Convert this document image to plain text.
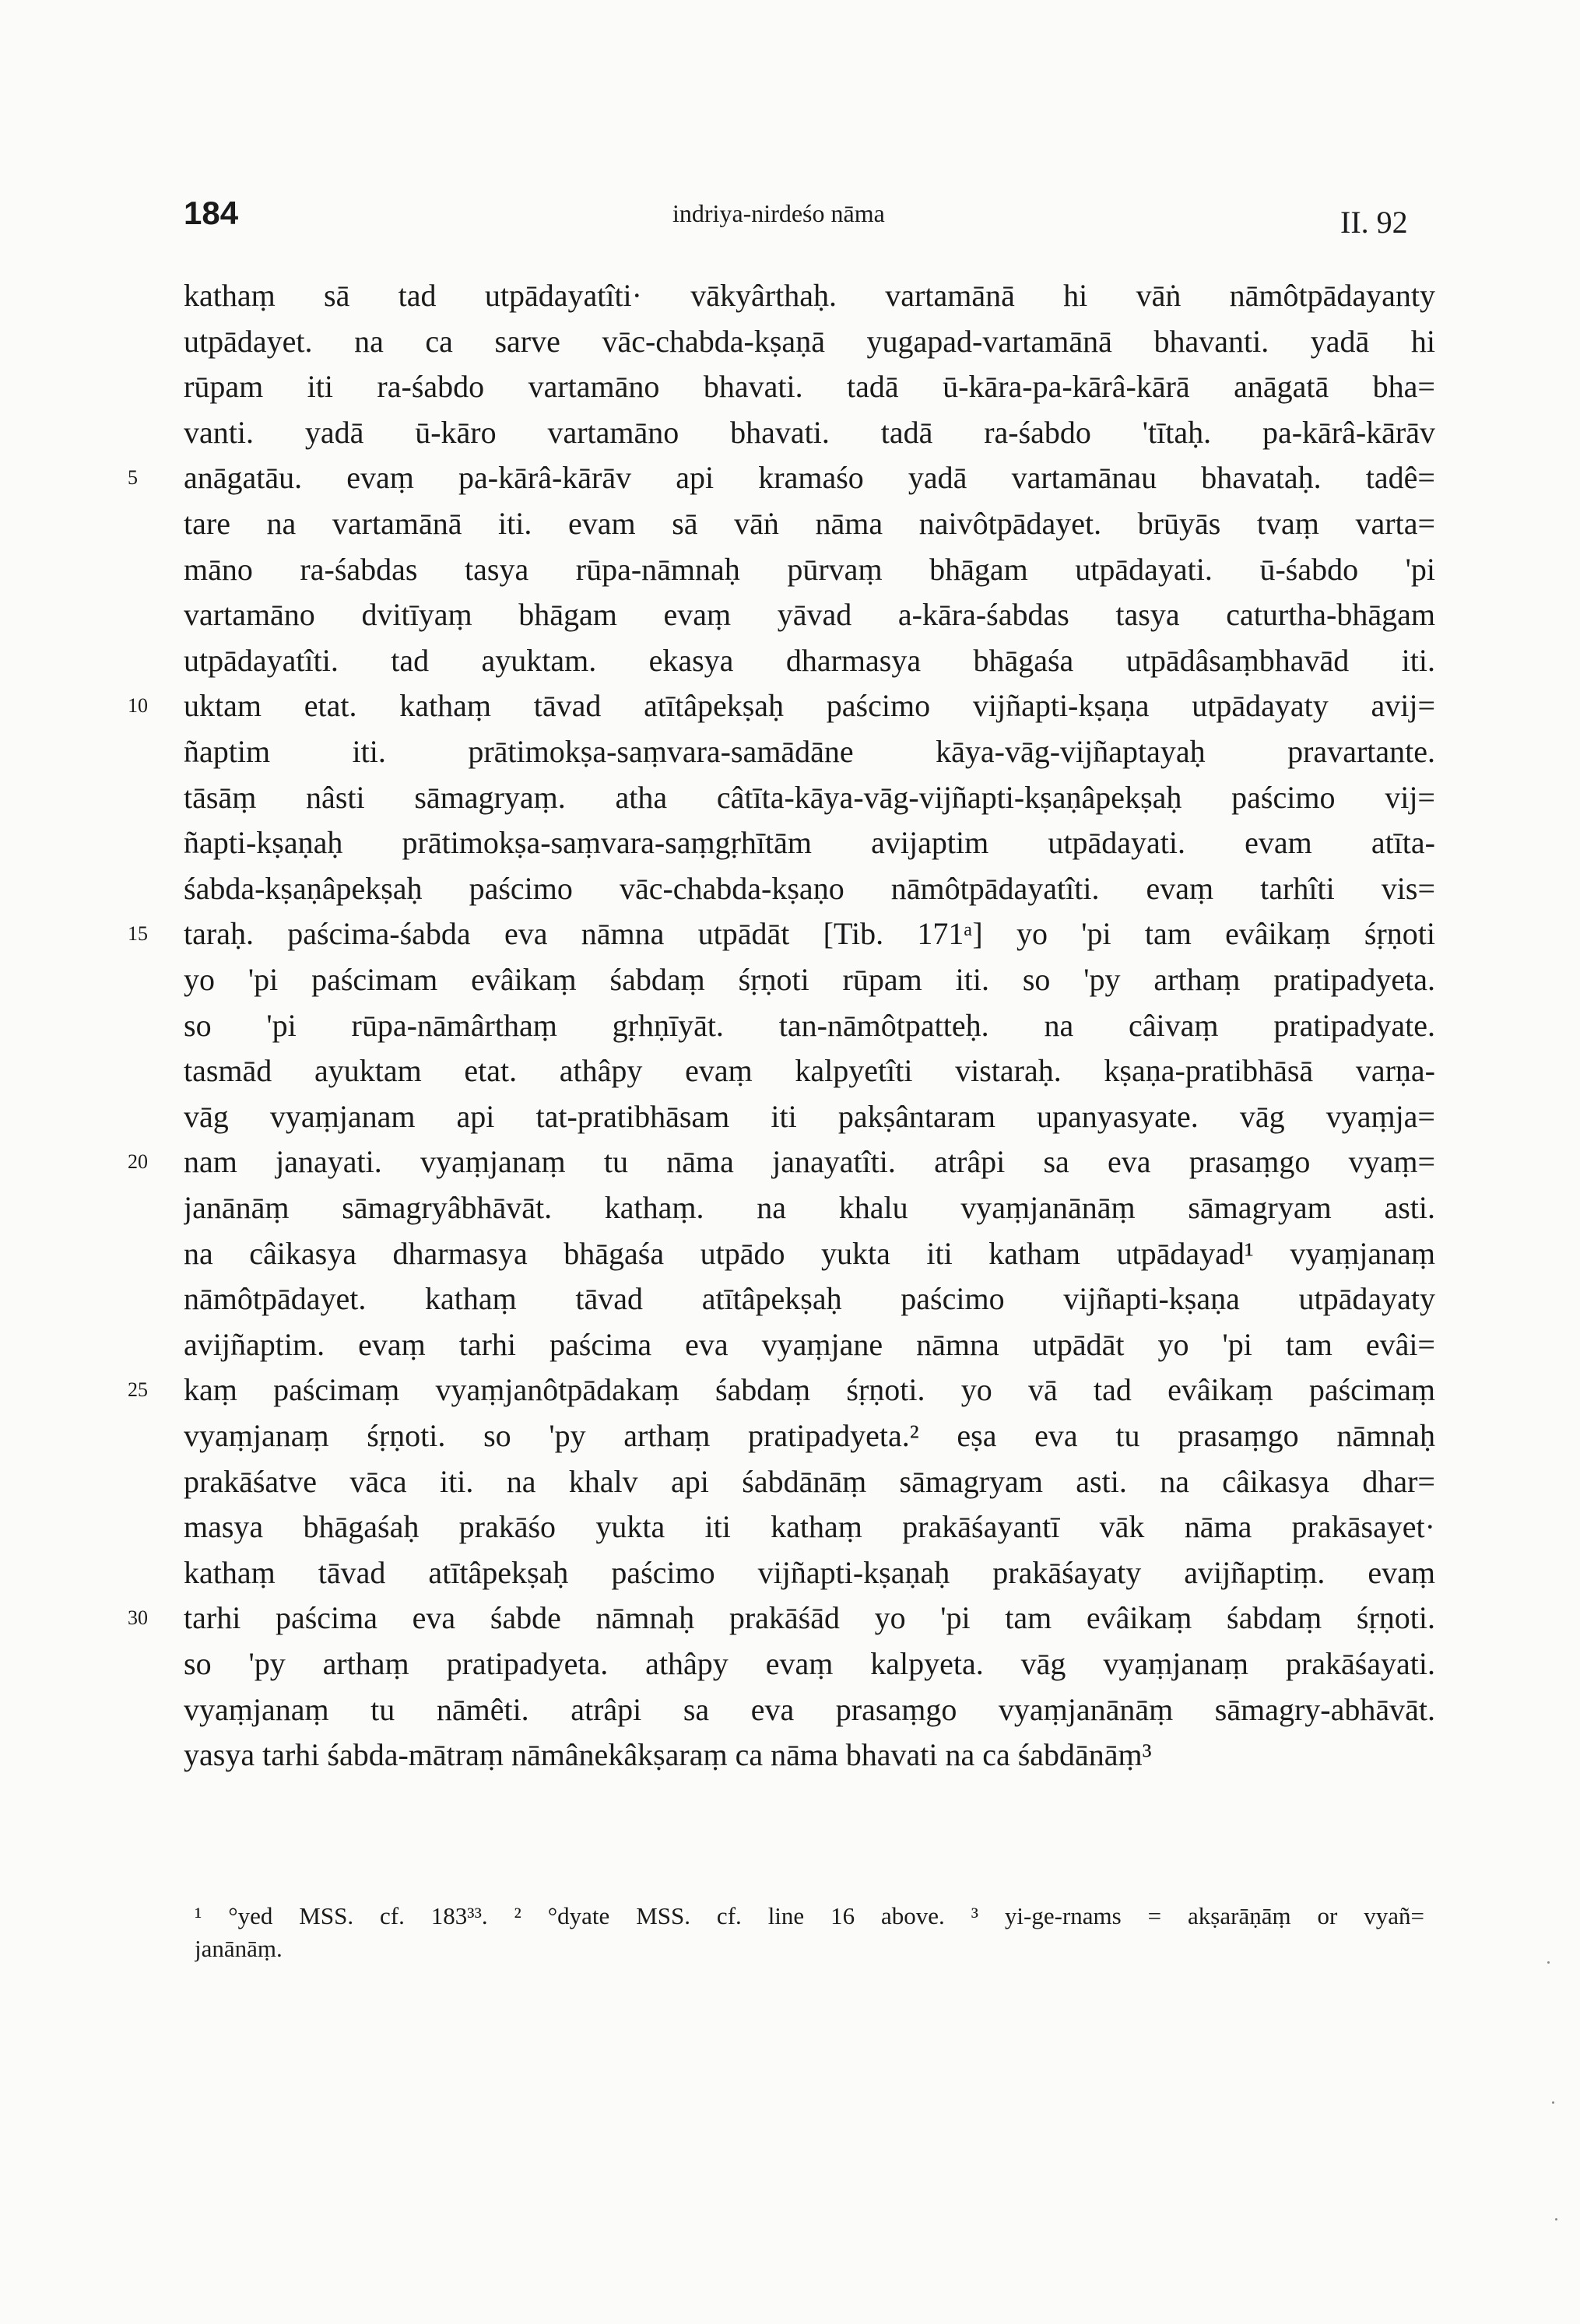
184	indriya-nirdeśo nāma	II. 92
kathaṃ sā tad utpādayatîti· vākyârthaḥ. vartamānā hi vāṅ nāmôtpādayanty
utpādayet. na ca sarve vāc-chabda-kṣaṇā yugapad-vartamānā bhavanti. yadā hi
rūpam iti ra-śabdo vartamāno bhavati. tadā ū-kāra-pa-kārâ-kārā anāgatā bha=
vanti. yadā ū-kāro vartamāno bhavati. tadā ra-śabdo 'tītaḥ. pa-kārâ-kārāv
anāgatāu. evaṃ pa-kārâ-kārāv api kramaśo yadā vartamānau bhavataḥ. tadê=
tare na vartamānā iti. evam sā vāṅ nāma naivôtpādayet. brūyās tvaṃ varta=
māno ra-śabdas tasya rūpa-nāmnaḥ pūrvaṃ bhāgam utpādayati. ū-śabdo 'pi
vartamāno dvitīyaṃ bhāgam evaṃ yāvad a-kāra-śabdas tasya caturtha-bhāgam
utpādayatîti. tad ayuktam. ekasya dharmasya bhāgaśa utpādâsaṃbhavād iti.
uktam etat. kathaṃ tāvad atītâpekṣaḥ paścimo vijñapti-kṣaṇa utpādayaty avij=
ñaptim iti. prātimokṣa-saṃvara-samādāne kāya-vāg-vijñaptayaḥ pravartante.
tāsāṃ nâsti sāmagryaṃ. atha câtīta-kāya-vāg-vijñapti-kṣaṇâpekṣaḥ paścimo vij=
ñapti-kṣaṇaḥ prātimokṣa-saṃvara-saṃgṛhītām avijaptim utpādayati. evam atīta-
śabda-kṣaṇâpekṣaḥ paścimo vāc-chabda-kṣaṇo nāmôtpādayatîti. evaṃ tarhîti vis=
taraḥ. paścima-śabda eva nāmna utpādāt [Tib. 171ᵃ] yo 'pi tam evâikaṃ śṛṇoti
yo 'pi paścimam evâikaṃ śabdaṃ śṛṇoti rūpam iti. so 'py arthaṃ pratipadyeta.
so 'pi rūpa-nāmârthaṃ gṛhṇīyāt. tan-nāmôtpatteḥ. na câivaṃ pratipadyate.
tasmād ayuktam etat. athâpy evaṃ kalpyetîti vistaraḥ. kṣaṇa-pratibhāsā varṇa-
vāg vyaṃjanam api tat-pratibhāsam iti pakṣântaram upanyasyate. vāg vyaṃja=
nam janayati. vyaṃjanaṃ tu nāma janayatîti. atrâpi sa eva prasaṃgo vyaṃ=
janānāṃ sāmagryâbhāvāt. kathaṃ. na khalu vyaṃjanānāṃ sāmagryam asti.
na câikasya dharmasya bhāgaśa utpādo yukta iti katham utpādayad¹ vyaṃjanaṃ
nāmôtpādayet. kathaṃ tāvad atītâpekṣaḥ paścimo vijñapti-kṣaṇa utpādayaty
avijñaptim. evaṃ tarhi paścima eva vyaṃjane nāmna utpādāt yo 'pi tam evâi=
kaṃ paścimaṃ vyaṃjanôtpādakaṃ śabdaṃ śṛṇoti. yo vā tad evâikaṃ paścimaṃ
vyaṃjanaṃ śṛṇoti. so 'py arthaṃ pratipadyeta.² eṣa eva tu prasaṃgo nāmnaḥ
prakāśatve vāca iti. na khalv api śabdānāṃ sāmagryam asti. na câikasya dhar=
masya bhāgaśaḥ prakāśo yukta iti kathaṃ prakāśayantī vāk nāma prakāsayet·
kathaṃ tāvad atītâpekṣaḥ paścimo vijñapti-kṣaṇaḥ prakāśayaty avijñaptiṃ. evaṃ
tarhi paścima eva śabde nāmnaḥ prakāśād yo 'pi tam evâikaṃ śabdaṃ śṛṇoti.
so 'py arthaṃ pratipadyeta. athâpy evaṃ kalpyeta. vāg vyaṃjanaṃ prakāśayati.
vyaṃjanaṃ tu nāmêti. atrâpi sa eva prasaṃgo vyaṃjanānāṃ sāmagry-abhāvāt.
yasya tarhi śabda-mātraṃ nāmânekâkṣaraṃ ca nāma bhavati na ca śabdānāṃ³
5
10
15
20
25
30
¹ °yed MSS. cf. 183³³. ² °dyate MSS. cf. line 16 above. ³ yi-ge-rnams = akṣarāṇāṃ or vyañ=
janānāṃ.
